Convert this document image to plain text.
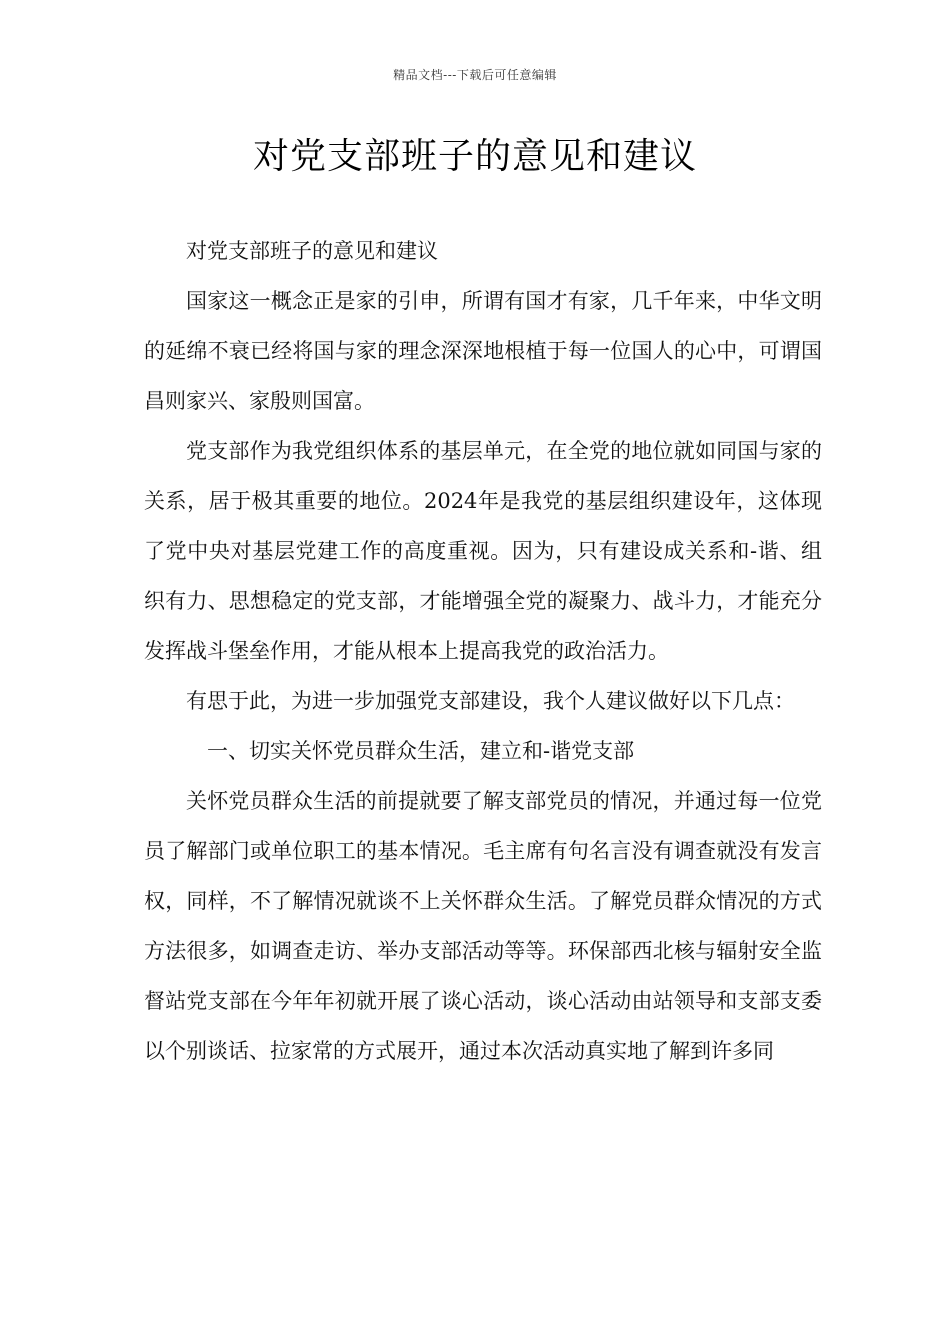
精品文档---下载后可任意编辑
对党支部班子的意见和建议

对党支部班子的意见和建议

国家这一概念正是家的引申，所谓有国才有家，几千年来，中华文明的延绵不衰已经将国与家的理念深深地根植于每一位国人的心中，可谓国昌则家兴、家殷则国富。

党支部作为我党组织体系的基层单元，在全党的地位就如同国与家的关系，居于极其重要的地位。2024年是我党的基层组织建设年，这体现了党中央对基层党建工作的高度重视。因为，只有建设成关系和-谐、组织有力、思想稳定的党支部，才能增强全党的凝聚力、战斗力，才能充分发挥战斗堡垒作用，才能从根本上提高我党的政治活力。

有思于此，为进一步加强党支部建设，我个人建议做好以下几点：

一、切实关怀党员群众生活，建立和-谐党支部

关怀党员群众生活的前提就要了解支部党员的情况，并通过每一位党员了解部门或单位职工的基本情况。毛主席有句名言没有调查就没有发言权，同样，不了解情况就谈不上关怀群众生活。了解党员群众情况的方式方法很多，如调查走访、举办支部活动等等。环保部西北核与辐射安全监督站党支部在今年年初就开展了谈心活动，谈心活动由站领导和支部支委以个别谈话、拉家常的方式展开，通过本次活动真实地了解到许多同
